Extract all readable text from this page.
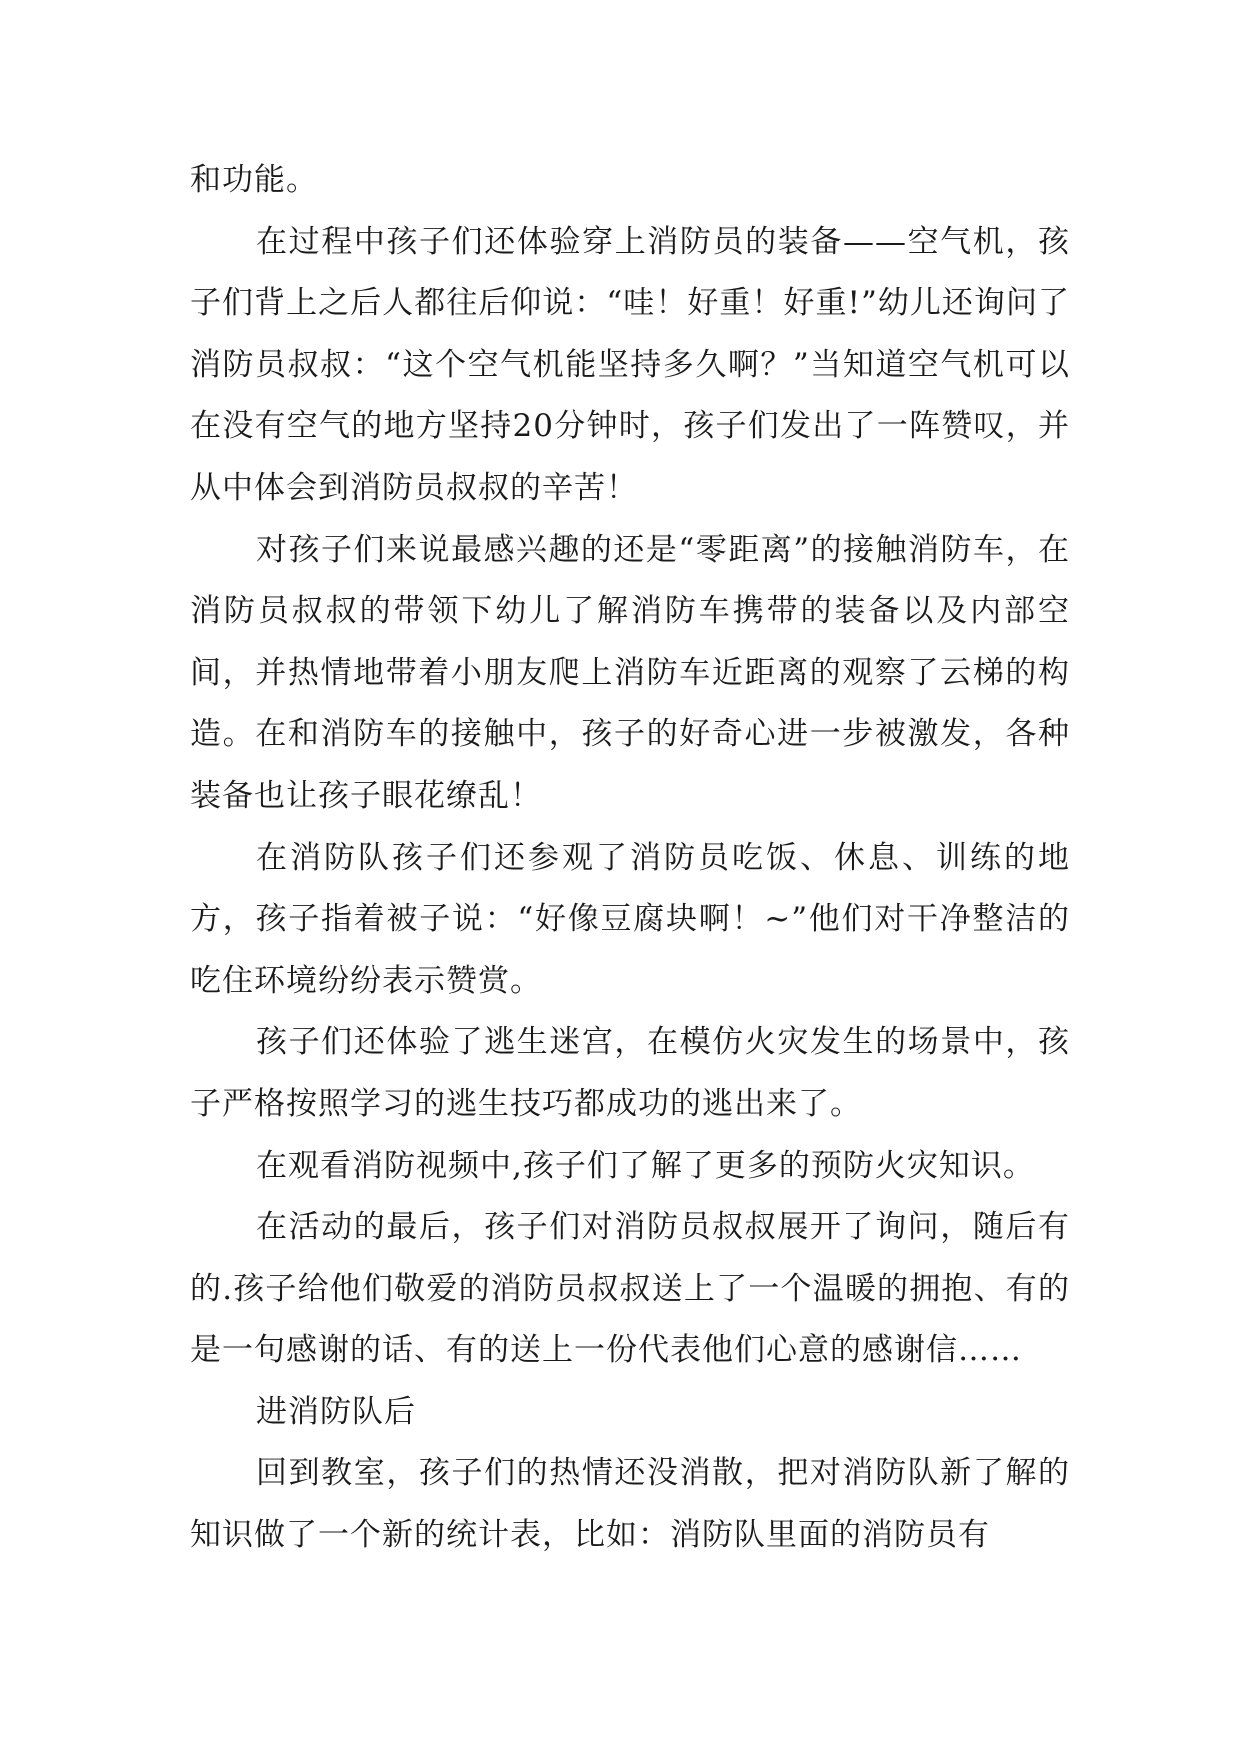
和功能。

在过程中孩子们还体验穿上消防员的装备——空气机，孩子们背上之后人都往后仰说：“哇！好重！好重!”幼儿还询问了消防员叔叔：“这个空气机能坚持多久啊？”当知道空气机可以在没有空气的地方坚持20分钟时，孩子们发出了一阵赞叹，并从中体会到消防员叔叔的辛苦！

对孩子们来说最感兴趣的还是“零距离”的接触消防车，在消防员叔叔的带领下幼儿了解消防车携带的装备以及内部空间，并热情地带着小朋友爬上消防车近距离的观察了云梯的构造。在和消防车的接触中，孩子的好奇心进一步被激发，各种装备也让孩子眼花缭乱！

在消防队孩子们还参观了消防员吃饭、休息、训练的地方，孩子指着被子说：“好像豆腐块啊！~”他们对干净整洁的吃住环境纷纷表示赞赏。

孩子们还体验了逃生迷宫，在模仿火灾发生的场景中，孩子严格按照学习的逃生技巧都成功的逃出来了。

在观看消防视频中,孩子们了解了更多的预防火灾知识。

在活动的最后，孩子们对消防员叔叔展开了询问，随后有的.孩子给他们敬爱的消防员叔叔送上了一个温暖的拥抱、有的是一句感谢的话、有的送上一份代表他们心意的感谢信……

进消防队后

回到教室，孩子们的热情还没消散，把对消防队新了解的知识做了一个新的统计表，比如：消防队里面的消防员有
